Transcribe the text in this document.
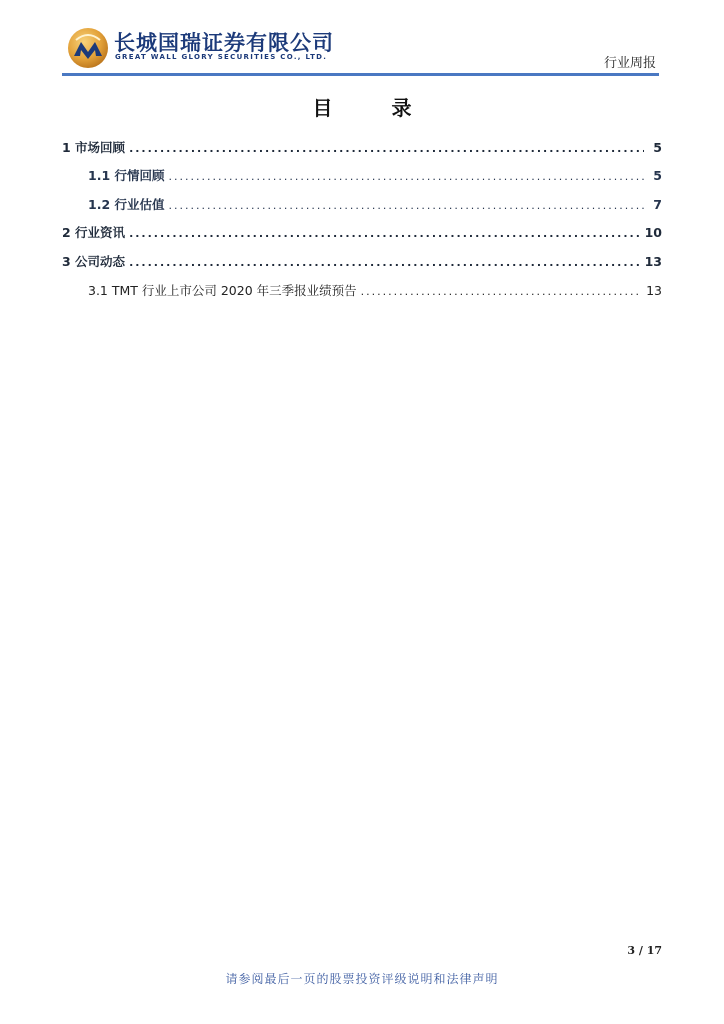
长城国瑞证券有限公司
GREAT WALL GLORY SECURITIES CO., LTD.	行业周报
目 录
1 市场回顾 .....	5
1.1 行情回顾 .....	5
1.2 行业估值 .....	7
2 行业资讯 .....	10
3 公司动态 .....	13
3.1 TMT 行业上市公司 2020 年三季报业绩预告 .....	13
3 / 17
请参阅最后一页的股票投资评级说明和法律声明
